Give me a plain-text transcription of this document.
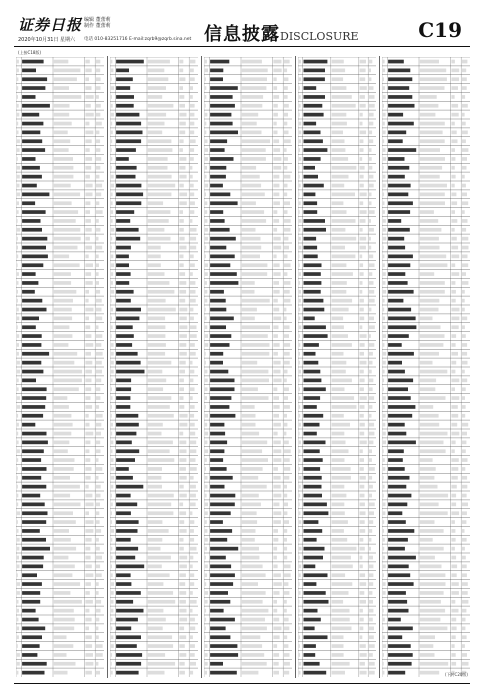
证券日报 编辑 董蕾莉
制作 董蕾莉
2020年10月31日 星期六 电话 010-83251716 E-mail:zqrb9@zqrb.sina.net 信息披露DISCLOSURE	C19
(上接C18版)
(下转C20版)
